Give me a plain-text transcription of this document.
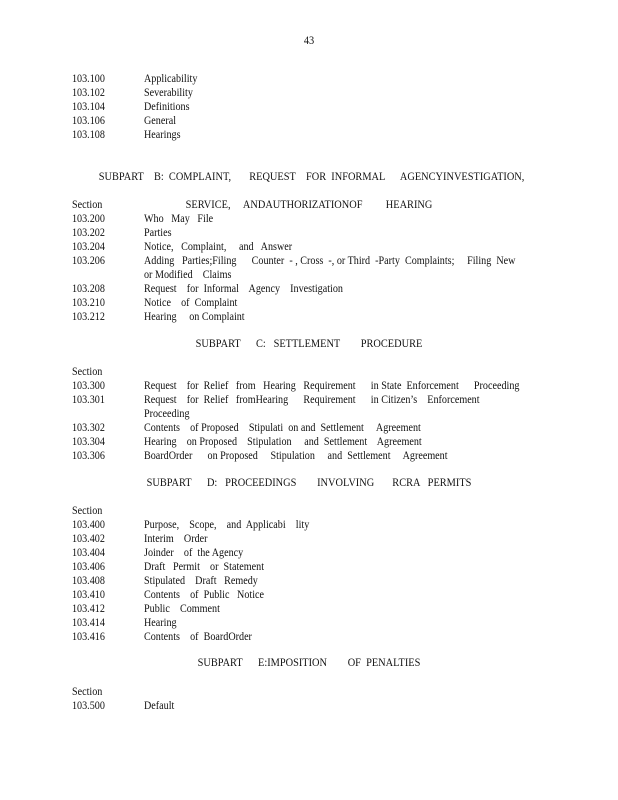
43
103.100	Applicability
103.102	Severability
103.104	Definitions
103.106	General
103.108	Hearings

SUBPART    B:  COMPLAINT,       REQUEST    FOR  INFORMAL      AGENCYINVESTIGATION,

SERVICE,     ANDAUTHORIZATIONOF         HEARING

Section
103.200	Who   May   File
103.202	Parties
103.204	Notice,   Complaint,     and   Answer
103.206	Adding   Parties;Filing      Counter  - , Cross  -, or Third  -Party  Complaints;     Filing  New or Modified    Claims
103.208	Request    for  Informal    Agency    Investigation
103.210	Notice    of  Complaint
103.212	Hearing     on Complaint
SUBPART      C:   SETTLEMENT        PROCEDURE
Section
103.300	Request    for  Relief   from   Hearing   Requirement      in State  Enforcement      Proceeding
103.301	Request    for  Relief   fromHearing      Requirement      in Citizen’s    Enforcement Proceeding
103.302	Contents    of Proposed    Stipulati  on and  Settlement     Agreement
103.304	Hearing    on Proposed    Stipulation     and  Settlement    Agreement
103.306	BoardOrder      on Proposed     Stipulation     and  Settlement     Agreement
SUBPART      D:   PROCEEDINGS        INVOLVING       RCRA   PERMITS
Section
103.400	Purpose,    Scope,    and  Applicabi    lity
103.402	Interim    Order
103.404	Joinder    of  the Agency
103.406	Draft   Permit    or  Statement
103.408	Stipulated    Draft   Remedy
103.410	Contents    of  Public   Notice
103.412	Public    Comment
103.414	Hearing
103.416	Contents    of  BoardOrder
SUBPART      E:IMPOSITION        OF  PENALTIES
Section
103.500	Default
